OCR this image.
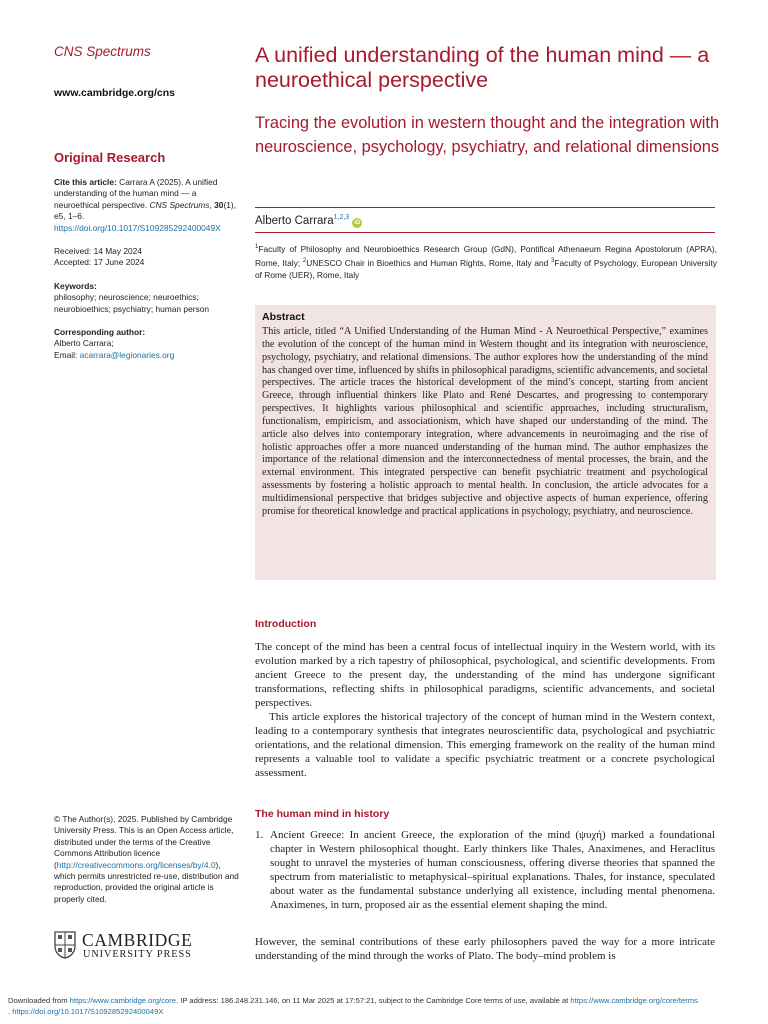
CNS Spectrums
www.cambridge.org/cns
Original Research
Cite this article: Carrara A (2025). A unified understanding of the human mind — a neuroethical perspective. CNS Spectrums, 30(1), e5, 1–6.
https://doi.org/10.1017/S109285292400049X
Received: 14 May 2024
Accepted: 17 June 2024
Keywords:
philosophy; neuroscience; neuroethics; neurobioethics; psychiatry; human person
Corresponding author:
Alberto Carrara;
Email: acarrara@legionaries.org
© The Author(s), 2025. Published by Cambridge University Press. This is an Open Access article, distributed under the terms of the Creative Commons Attribution licence (http://creativecommons.org/licenses/by/4.0), which permits unrestricted re-use, distribution and reproduction, provided the original article is properly cited.
CAMBRIDGE
UNIVERSITY PRESS
A unified understanding of the human mind — a neuroethical perspective
Tracing the evolution in western thought and the integration with neuroscience, psychology, psychiatry, and relational dimensions
Alberto Carrara$^{1,2,3}$iD
$^1$Faculty of Philosophy and Neurobioethics Research Group (GdN), Pontifical Athenaeum Regina Apostolorum (APRA), Rome, Italy; $^2$UNESCO Chair in Bioethics and Human Rights, Rome, Italy and $^3$Faculty of Psychology, European University of Rome (UER), Rome, Italy
Abstract
This article, titled “A Unified Understanding of the Human Mind - A Neuroethical Perspective,” examines the evolution of the concept of the human mind in Western thought and its integration with neuroscience, psychology, psychiatry, and relational dimensions. The author explores how the understanding of the mind has changed over time, influenced by shifts in philosophical paradigms, scientific advancements, and societal perspectives. The article traces the historical development of the mind’s concept, starting from ancient Greece, through influential thinkers like Plato and René Descartes, and progressing to contemporary perspectives. It highlights various philosophical and scientific approaches, including structuralism, functionalism, empiricism, and associationism, which have shaped our understanding of the mind. The article also delves into contemporary integration, where advancements in neuroimaging and the rise of holistic approaches offer a more nuanced understanding of the human mind. The author emphasizes the importance of the relational dimension and the interconnectedness of mental processes, the brain, and the external environment. This integrated perspective can benefit psychiatric treatment and psychological assessments by fostering a holistic approach to mental health. In conclusion, the article advocates for a multidimensional perspective that bridges subjective and objective aspects of human experience, offering promise for theoretical knowledge and practical applications in psychology, psychiatry, and neuroscience.
Introduction
The concept of the mind has been a central focus of intellectual inquiry in the Western world, with its evolution marked by a rich tapestry of philosophical, psychological, and scientific developments. From ancient Greece to the present day, the understanding of the mind has undergone significant transformations, reflecting shifts in philosophical paradigms, scientific advancements, and societal perspectives.
This article explores the historical trajectory of the concept of human mind in the Western context, leading to a contemporary synthesis that integrates neuroscientific data, psychological and psychiatric orientations, and the relational dimension. This emerging framework on the reality of the human mind represents a valuable tool to validate a specific psychiatric treatment or a concrete psychological assessment.
The human mind in history
1. Ancient Greece: In ancient Greece, the exploration of the mind (ψυχή) marked a foundational chapter in Western philosophical thought. Early thinkers like Thales, Anaximenes, and Heraclitus sought to unravel the mysteries of human consciousness, offering diverse theories that spanned the spectrum from materialistic to metaphysical–spiritual explanations. Thales, for instance, speculated about water as the fundamental substance underlying all existence, including mental phenomena. Anaximenes, in turn, proposed air as the essential element shaping the mind.
However, the seminal contributions of these early philosophers paved the way for a more intricate understanding of the mind through the works of Plato. The body–mind problem is
Downloaded from https://www.cambridge.org/core. IP address: 186.248.231.146, on 11 Mar 2025 at 17:57:21, subject to the Cambridge Core terms of use, available at https://www.cambridge.org/core/terms
. https://doi.org/10.1017/S109285292400049X
